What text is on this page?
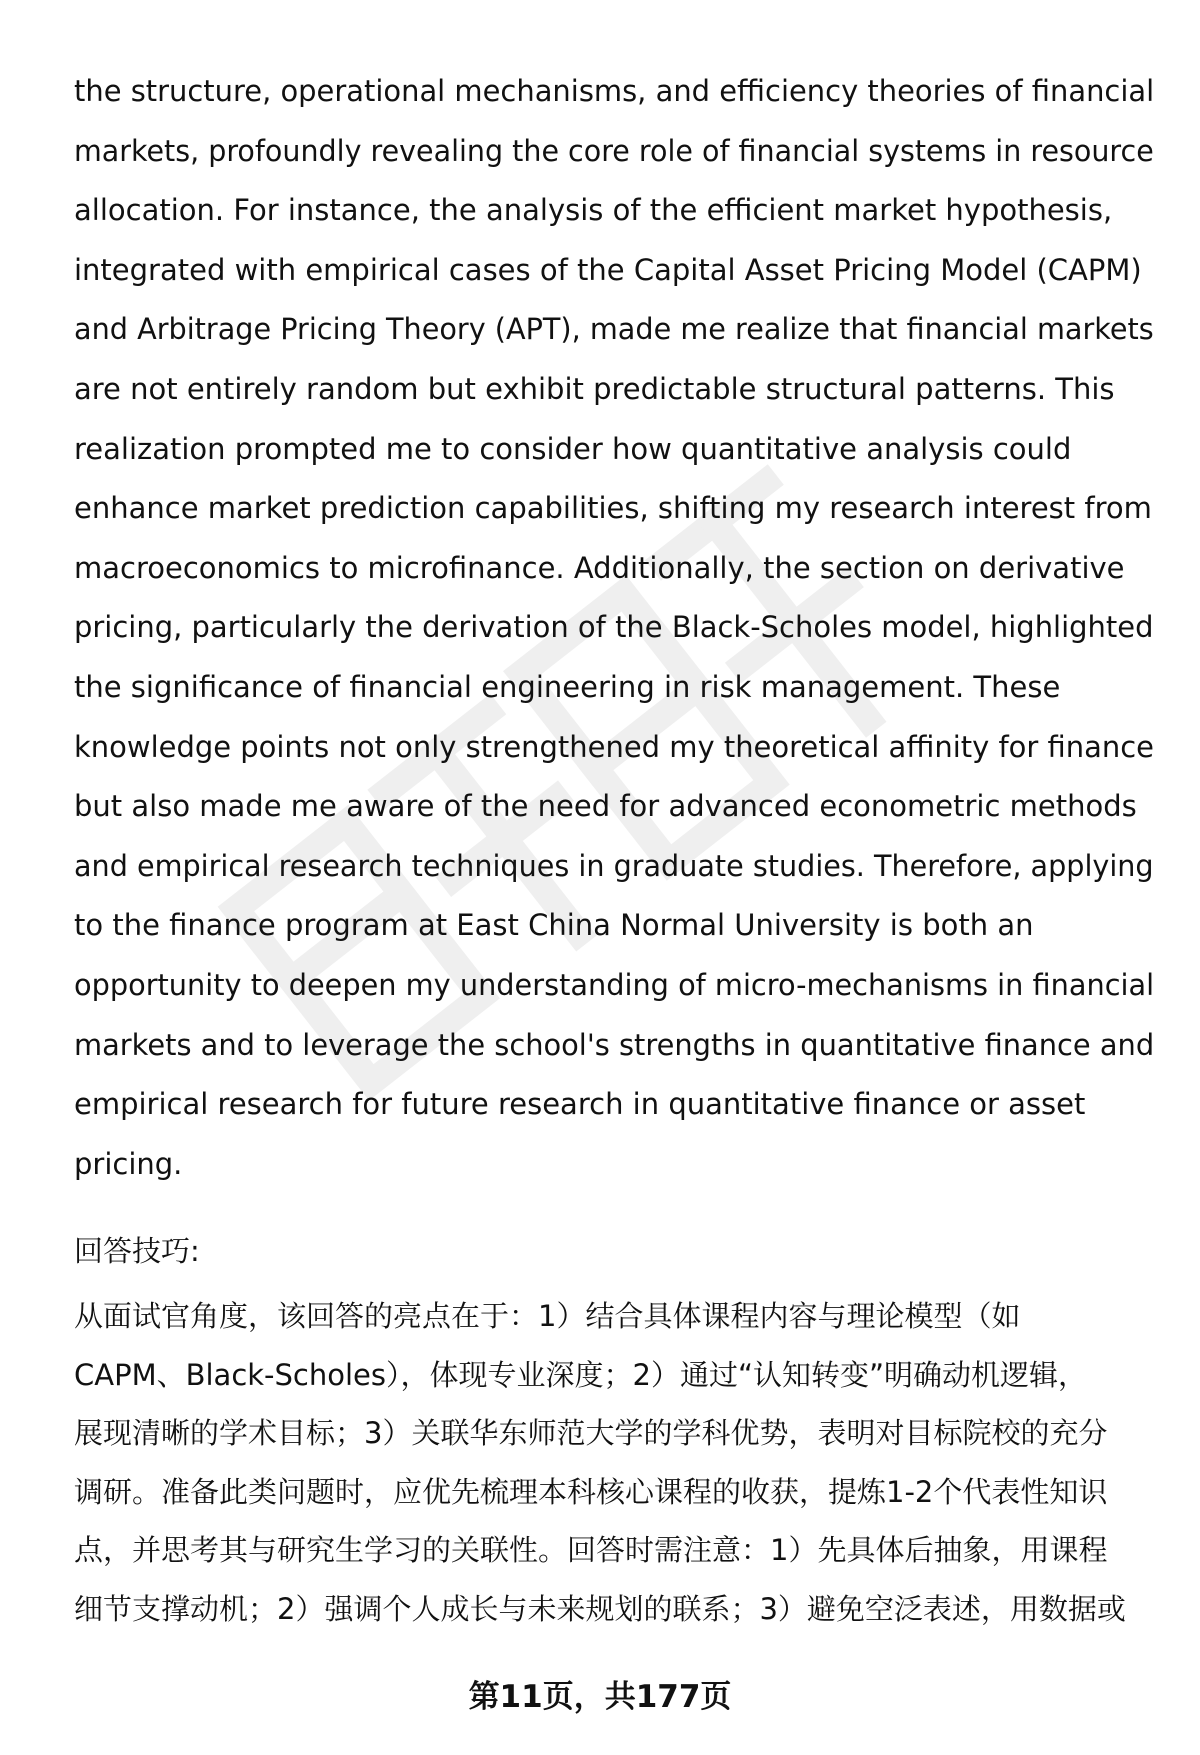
the structure, operational mechanisms, and efficiency theories of financial
markets, profoundly revealing the core role of financial systems in resource
allocation. For instance, the analysis of the efficient market hypothesis,
integrated with empirical cases of the Capital Asset Pricing Model (CAPM)
and Arbitrage Pricing Theory (APT), made me realize that financial markets
are not entirely random but exhibit predictable structural patterns. This
realization prompted me to consider how quantitative analysis could
enhance market prediction capabilities, shifting my research interest from
macroeconomics to microfinance. Additionally, the section on derivative
pricing, particularly the derivation of the Black-Scholes model, highlighted
the significance of financial engineering in risk management. These
knowledge points not only strengthened my theoretical affinity for finance
but also made me aware of the need for advanced econometric methods
and empirical research techniques in graduate studies. Therefore, applying
to the finance program at East China Normal University is both an
opportunity to deepen my understanding of micro-mechanisms in financial
markets and to leverage the school's strengths in quantitative finance and
empirical research for future research in quantitative finance or asset
pricing.
回答技巧:
从面试官角度，该回答的亮点在于：1）结合具体课程内容与理论模型（如
CAPM、Black-Scholes），体现专业深度；2）通过“认知转变”明确动机逻辑，
展现清晰的学术目标；3）关联华东师范大学的学科优势，表明对目标院校的充分
调研。准备此类问题时，应优先梳理本科核心课程的收获，提炼1-2个代表性知识
点，并思考其与研究生学习的关联性。回答时需注意：1）先具体后抽象，用课程
细节支撑动机；2）强调个人成长与未来规划的联系；3）避免空泛表述，用数据或
第11页，共177页
